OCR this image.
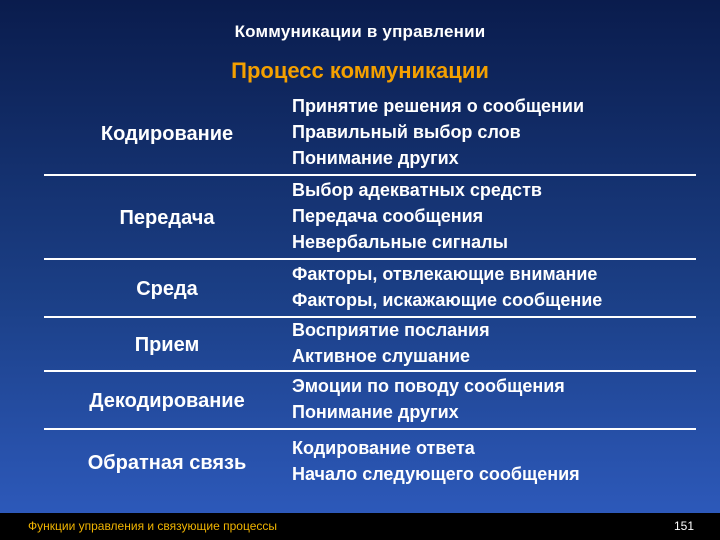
Коммуникации в управлении
Процесс коммуникации
Кодирование
Принятие решения о сообщении
Правильный выбор слов
Понимание других
Передача
Выбор адекватных средств
Передача сообщения
Невербальные сигналы
Среда
Факторы, отвлекающие внимание
Факторы, искажающие сообщение
Прием
Восприятие послания
Активное слушание
Декодирование
Эмоции по поводу сообщения
Понимание других
Обратная связь
Кодирование ответа
Начало следующего сообщения
Функции управления и связующие процессы	151
